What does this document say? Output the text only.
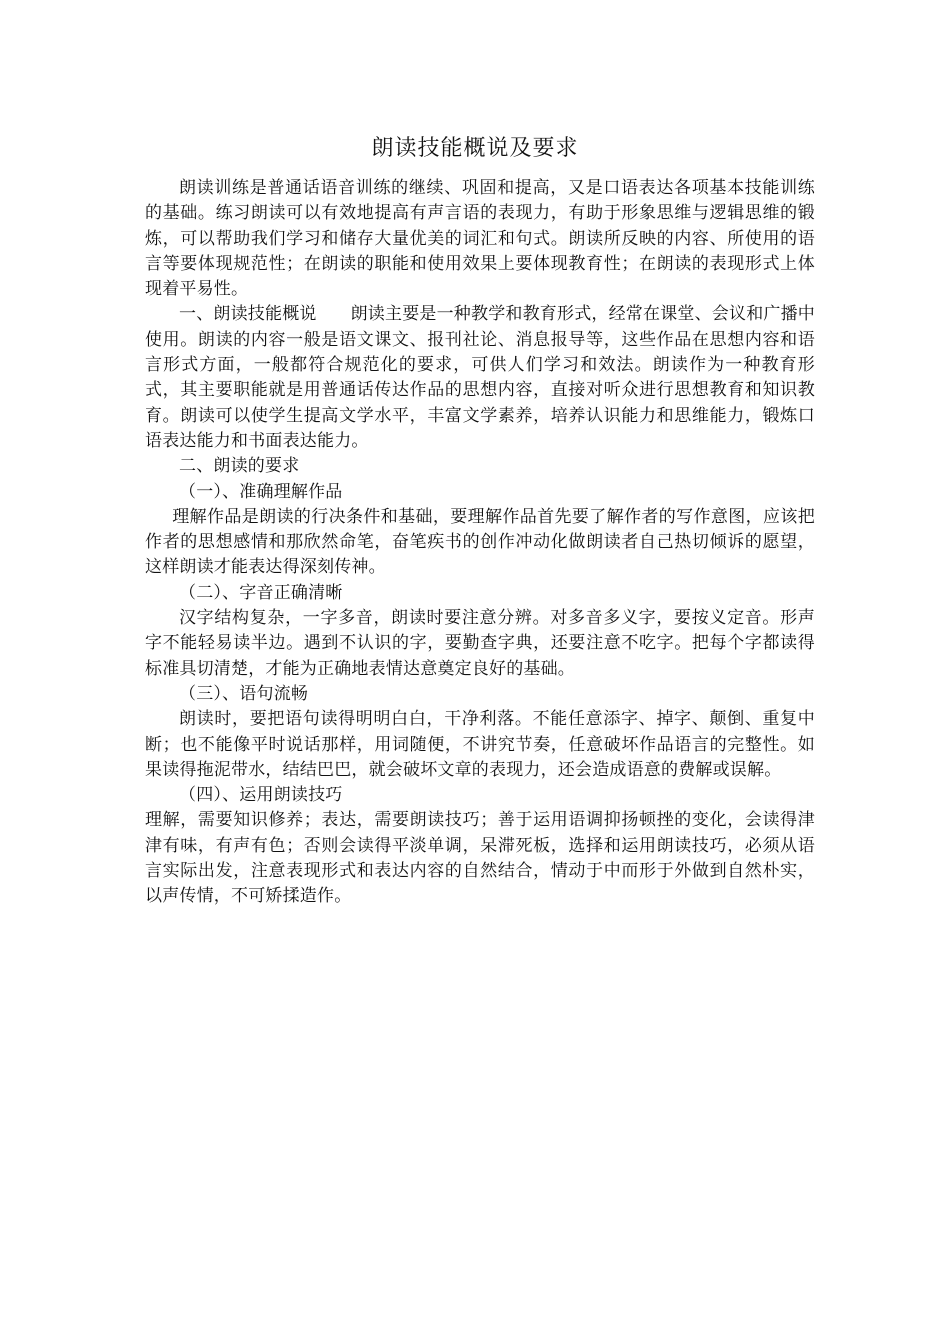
朗读技能概说及要求

朗读训练是普通话语音训练的继续、巩固和提高，又是口语表达各项基本技能训练的基础。练习朗读可以有效地提高有声言语的表现力，有助于形象思维与逻辑思维的锻炼，可以帮助我们学习和储存大量优美的词汇和句式。朗读所反映的内容、所使用的语言等要体现规范性；在朗读的职能和使用效果上要体现教育性；在朗读的表现形式上体现着平易性。

一、朗读技能概说 朗读主要是一种教学和教育形式，经常在课堂、会议和广播中使用。朗读的内容一般是语文课文、报刊社论、消息报导等，这些作品在思想内容和语言形式方面，一般都符合规范化的要求，可供人们学习和效法。朗读作为一种教育形式，其主要职能就是用普通话传达作品的思想内容，直接对听众进行思想教育和知识教育。朗读可以使学生提高文学水平，丰富文学素养，培养认识能力和思维能力，锻炼口语表达能力和书面表达能力。

二、朗读的要求

（一）、准确理解作品

理解作品是朗读的行决条件和基础，要理解作品首先要了解作者的写作意图，应该把作者的思想感情和那欣然命笔，奋笔疾书的创作冲动化做朗读者自己热切倾诉的愿望，这样朗读才能表达得深刻传神。

（二）、字音正确清晰

汉字结构复杂，一字多音，朗读时要注意分辨。对多音多义字，要按义定音。形声字不能轻易读半边。遇到不认识的字，要勤查字典，还要注意不吃字。把每个字都读得标准具切清楚，才能为正确地表情达意奠定良好的基础。

（三）、语句流畅

朗读时，要把语句读得明明白白，干净利落。不能任意添字、掉字、颠倒、重复中断；也不能像平时说话那样，用词随便，不讲究节奏，任意破坏作品语言的完整性。如果读得拖泥带水，结结巴巴，就会破坏文章的表现力，还会造成语意的费解或误解。

（四）、运用朗读技巧

理解，需要知识修养；表达，需要朗读技巧；善于运用语调抑扬顿挫的变化，会读得津津有味，有声有色；否则会读得平淡单调，呆滞死板，选择和运用朗读技巧，必须从语言实际出发，注意表现形式和表达内容的自然结合，情动于中而形于外做到自然朴实，以声传情，不可矫揉造作。
